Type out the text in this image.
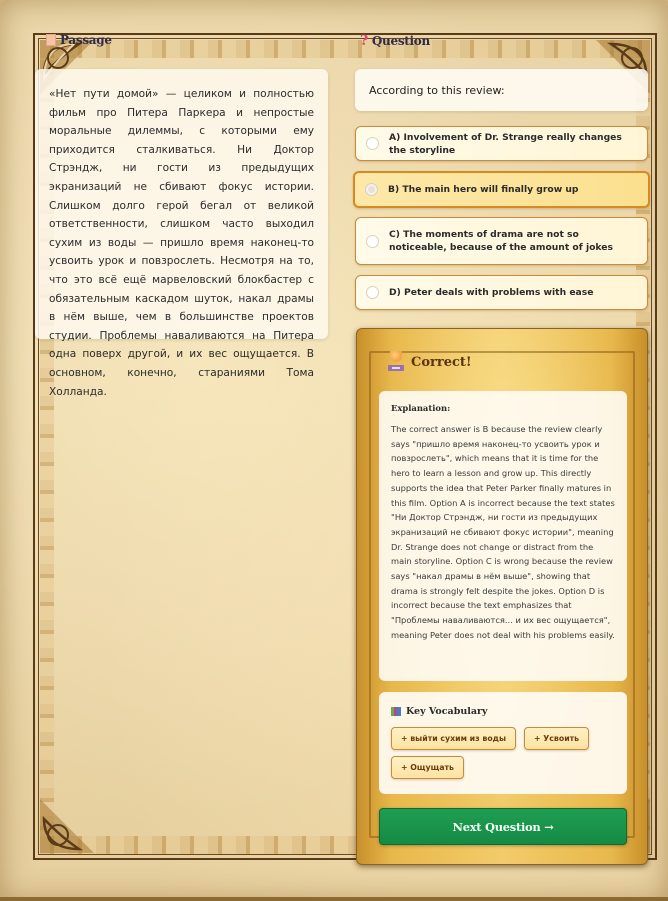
Passage	? Question

«Нет пути домой» — целиком и полностью фильм про Питера Паркера и непростые моральные дилеммы, с которыми ему приходится сталкиваться. Ни Доктор Стрэндж, ни гости из предыдущих экранизаций не сбивают фокус истории. Слишком долго герой бегал от великой ответственности, слишком часто выходил сухим из воды — пришло время наконец-то усвоить урок и повзрослеть. Несмотря на то, что это всё ещё марвеловский блокбастер с обязательным каскадом шуток, накал драмы в нём выше, чем в большинстве проектов студии. Проблемы наваливаются на Питера одна поверх другой, и их вес ощущается. В основном, конечно, стараниями Тома Холланда.

According to this review:
A) Involvement of Dr. Strange really changes the storyline
B) The main hero will finally grow up
C) The moments of drama are not so noticeable, because of the amount of jokes
D) Peter deals with problems with ease
Correct!
Explanation:
The correct answer is B because the review clearly says "пришло время наконец-то усвоить урок и повзрослеть", which means that it is time for the hero to learn a lesson and grow up. This directly supports the idea that Peter Parker finally matures in this film. Option A is incorrect because the text states "Ни Доктор Стрэндж, ни гости из предыдущих экранизаций не сбивают фокус истории", meaning Dr. Strange does not change or distract from the main storyline. Option C is wrong because the review says "накал драмы в нём выше", showing that drama is strongly felt despite the jokes. Option D is incorrect because the text emphasizes that "Проблемы наваливаются... и их вес ощущается", meaning Peter does not deal with his problems easily.
Key Vocabulary
+ выйти сухим из воды	+ Усвоить
+ Ощущать
Next Question →
